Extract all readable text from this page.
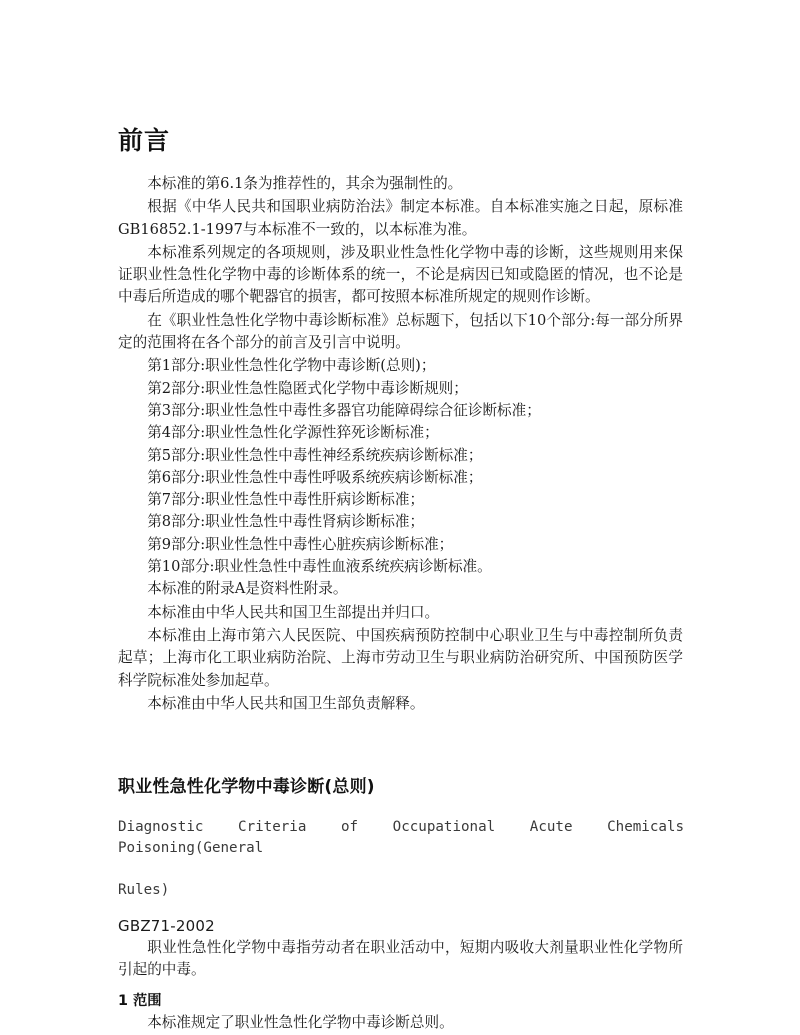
前言

本标准的第6.1条为推荐性的，其余为强制性的。

根据《中华人民共和国职业病防治法》制定本标准。自本标准实施之日起，原标准GB16852.1-1997与本标准不一致的，以本标准为准。

本标准系列规定的各项规则，涉及职业性急性化学物中毒的诊断，这些规则用来保证职业性急性化学物中毒的诊断体系的统一，不论是病因已知或隐匿的情况，也不论是中毒后所造成的哪个靶器官的损害，都可按照本标准所规定的规则作诊断。

在《职业性急性化学物中毒诊断标准》总标题下，包括以下10个部分:每一部分所界定的范围将在各个部分的前言及引言中说明。

第1部分:职业性急性化学物中毒诊断(总则)；
第2部分:职业性急性隐匿式化学物中毒诊断规则；
第3部分:职业性急性中毒性多器官功能障碍综合征诊断标准；
第4部分:职业性急性化学源性猝死诊断标准；
第5部分:职业性急性中毒性神经系统疾病诊断标准；
第6部分:职业性急性中毒性呼吸系统疾病诊断标准；
第7部分:职业性急性中毒性肝病诊断标准；
第8部分:职业性急性中毒性肾病诊断标准；
第9部分:职业性急性中毒性心脏疾病诊断标准；
第10部分:职业性急性中毒性血液系统疾病诊断标准。

本标准的附录A是资料性附录。

本标准由中华人民共和国卫生部提出并归口。

本标准由上海市第六人民医院、中国疾病预防控制中心职业卫生与中毒控制所负责起草；上海市化工职业病防治院、上海市劳动卫生与职业病防治研究所、中国预防医学科学院标准处参加起草。

本标准由中华人民共和国卫生部负责解释。

职业性急性化学物中毒诊断(总则)
Diagnostic Criteria of Occupational Acute Chemicals Poisoning(General
Rules)
GBZ71-2002

职业性急性化学物中毒指劳动者在职业活动中，短期内吸收大剂量职业性化学物所引起的中毒。

1 范围

本标准规定了职业性急性化学物中毒诊断总则。
